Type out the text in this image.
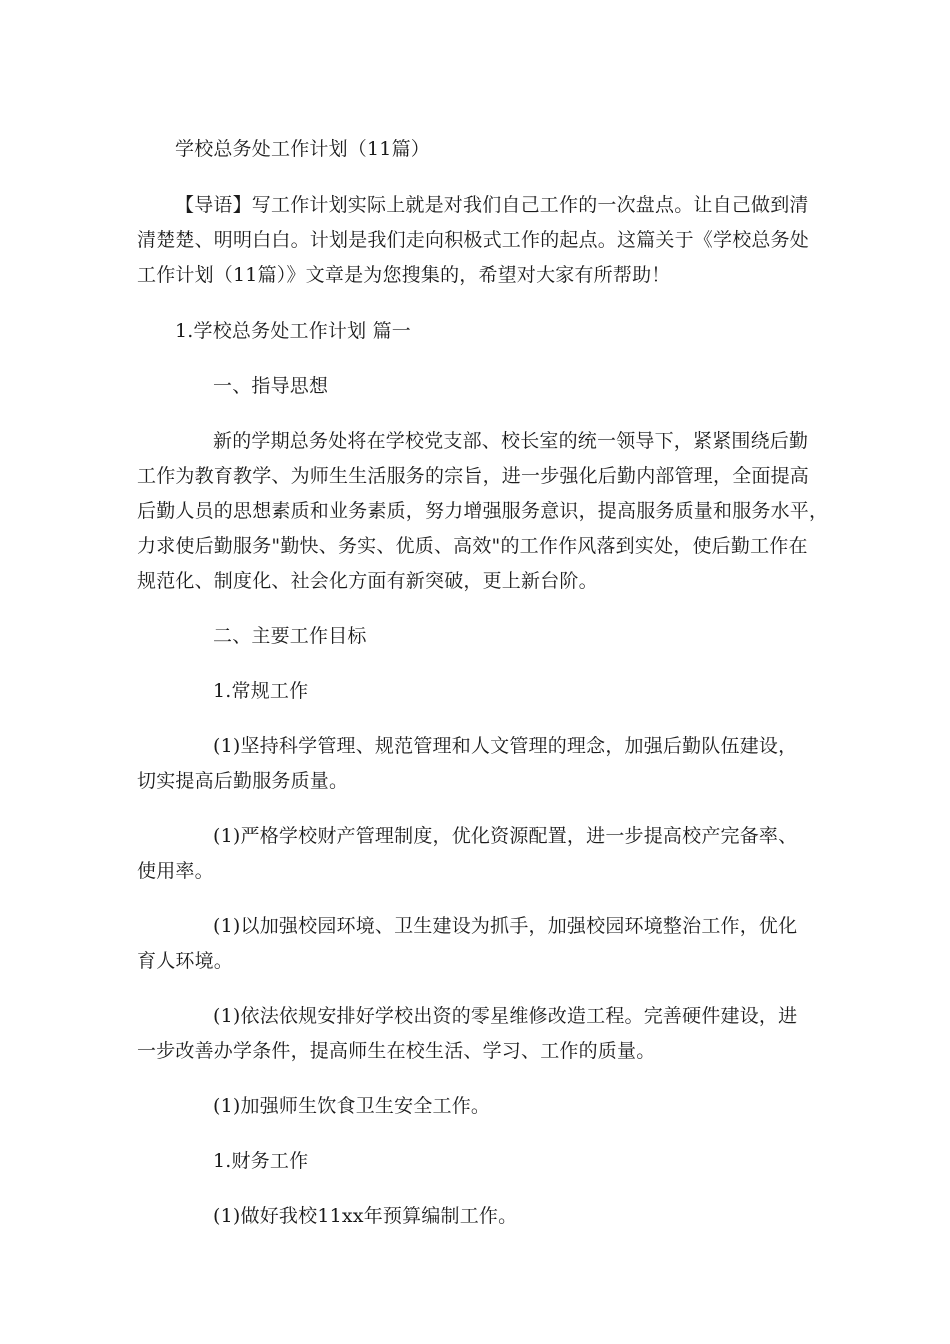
学校总务处工作计划（11篇）
【导语】写工作计划实际上就是对我们自己工作的一次盘点。让自己做到清
清楚楚、明明白白。计划是我们走向积极式工作的起点。这篇关于《学校总务处
工作计划（11篇）》文章是为您搜集的，希望对大家有所帮助！
1.学校总务处工作计划 篇一
一、指导思想
新的学期总务处将在学校党支部、校长室的统一领导下，紧紧围绕后勤
工作为教育教学、为师生生活服务的宗旨，进一步强化后勤内部管理，全面提高
后勤人员的思想素质和业务素质，努力增强服务意识，提高服务质量和服务水平，
力求使后勤服务"勤快、务实、优质、高效"的工作作风落到实处，使后勤工作在
规范化、制度化、社会化方面有新突破，更上新台阶。
二、主要工作目标
1.常规工作
(1)坚持科学管理、规范管理和人文管理的理念，加强后勤队伍建设，
切实提高后勤服务质量。
(1)严格学校财产管理制度，优化资源配置，进一步提高校产完备率、
使用率。
(1)以加强校园环境、卫生建设为抓手，加强校园环境整治工作，优化
育人环境。
(1)依法依规安排好学校出资的零星维修改造工程。完善硬件建设，进
一步改善办学条件，提高师生在校生活、学习、工作的质量。
(1)加强师生饮食卫生安全工作。
1.财务工作
(1)做好我校11xx年预算编制工作。
